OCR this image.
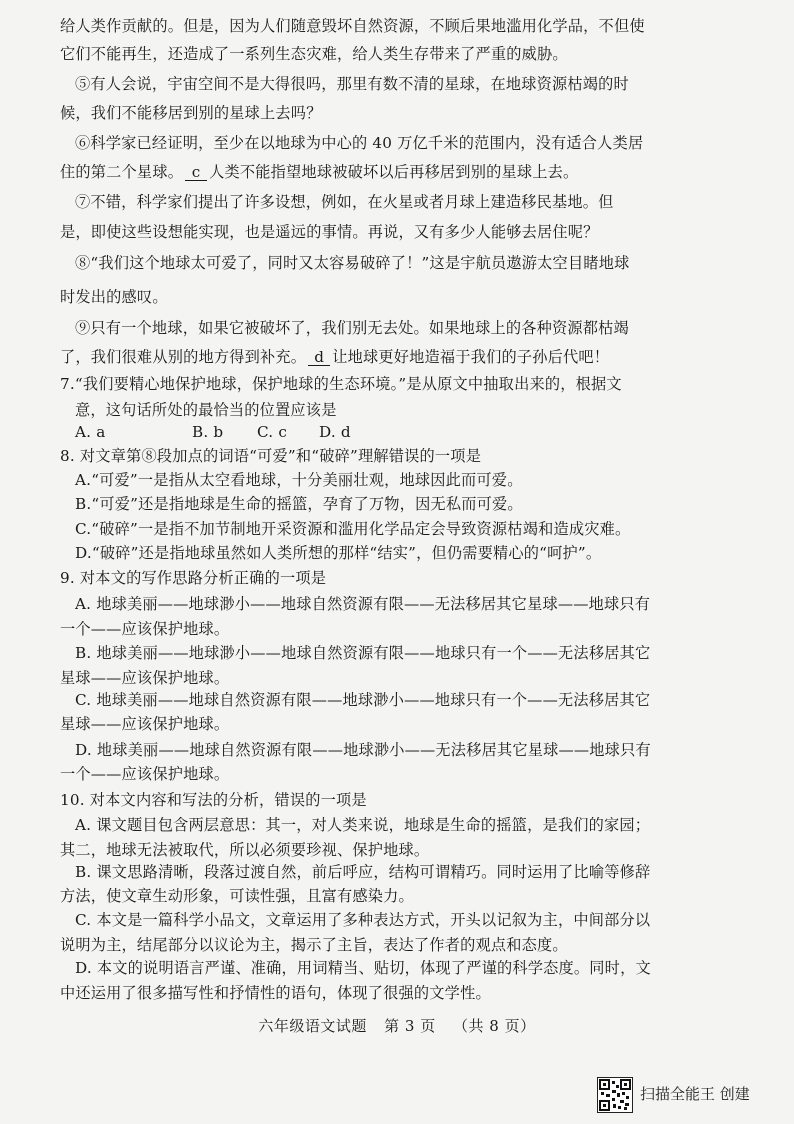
给人类作贡献的。但是，因为人们随意毁坏自然资源，不顾后果地滥用化学品，不但使
它们不能再生，还造成了一系列生态灾难，给人类生存带来了严重的威胁。
⑤有人会说，宇宙空间不是大得很吗，那里有数不清的星球，在地球资源枯竭的时
候，我们不能移居到别的星球上去吗？
⑥科学家已经证明，至少在以地球为中心的 40 万亿千米的范围内，没有适合人类居
住的第二个星球。 c 人类不能指望地球被破坏以后再移居到别的星球上去。
⑦不错，科学家们提出了许多设想，例如，在火星或者月球上建造移民基地。但
是，即使这些设想能实现，也是遥远的事情。再说，又有多少人能够去居住呢？
⑧“我们这个地球太可爱了，同时又太容易破碎了！”这是宇航员遨游太空目睹地球
时发出的感叹。
⑨只有一个地球，如果它被破坏了，我们别无去处。如果地球上的各种资源都枯竭
了，我们很难从别的地方得到补充。 d 让地球更好地造福于我们的子孙后代吧！
7.“我们要精心地保护地球，保护地球的生态环境。”是从原文中抽取出来的，根据文
意，这句话所处的最恰当的位置应该是
A. a	B. b C. c D. d
8. 对文章第⑧段加点的词语“可爱”和“破碎”理解错误的一项是
A.“可爱”一是指从太空看地球，十分美丽壮观，地球因此而可爱。
B.“可爱”还是指地球是生命的摇篮，孕育了万物，因无私而可爱。
C.“破碎”一是指不加节制地开采资源和滥用化学品定会导致资源枯竭和造成灾难。
D.“破碎”还是指地球虽然如人类所想的那样“结实”，但仍需要精心的“呵护”。
9. 对本文的写作思路分析正确的一项是
A. 地球美丽——地球渺小——地球自然资源有限——无法移居其它星球——地球只有
一个——应该保护地球。
B. 地球美丽——地球渺小——地球自然资源有限——地球只有一个——无法移居其它
星球——应该保护地球。
C. 地球美丽——地球自然资源有限——地球渺小——地球只有一个——无法移居其它
星球——应该保护地球。
D. 地球美丽——地球自然资源有限——地球渺小——无法移居其它星球——地球只有
一个——应该保护地球。
10. 对本文内容和写法的分析，错误的一项是
A. 课文题目包含两层意思：其一，对人类来说，地球是生命的摇篮，是我们的家园；
其二，地球无法被取代，所以必须要珍视、保护地球。
B. 课文思路清晰，段落过渡自然，前后呼应，结构可谓精巧。同时运用了比喻等修辞
方法，使文章生动形象，可读性强，且富有感染力。
C. 本文是一篇科学小品文，文章运用了多种表达方式，开头以记叙为主，中间部分以
说明为主，结尾部分以议论为主，揭示了主旨，表达了作者的观点和态度。
D. 本文的说明语言严谨、准确，用词精当、贴切，体现了严谨的科学态度。同时，文
中还运用了很多描写性和抒情性的语句，体现了很强的文学性。
六年级语文试题 第 3 页 （共 8 页）
扫描全能王 创建
